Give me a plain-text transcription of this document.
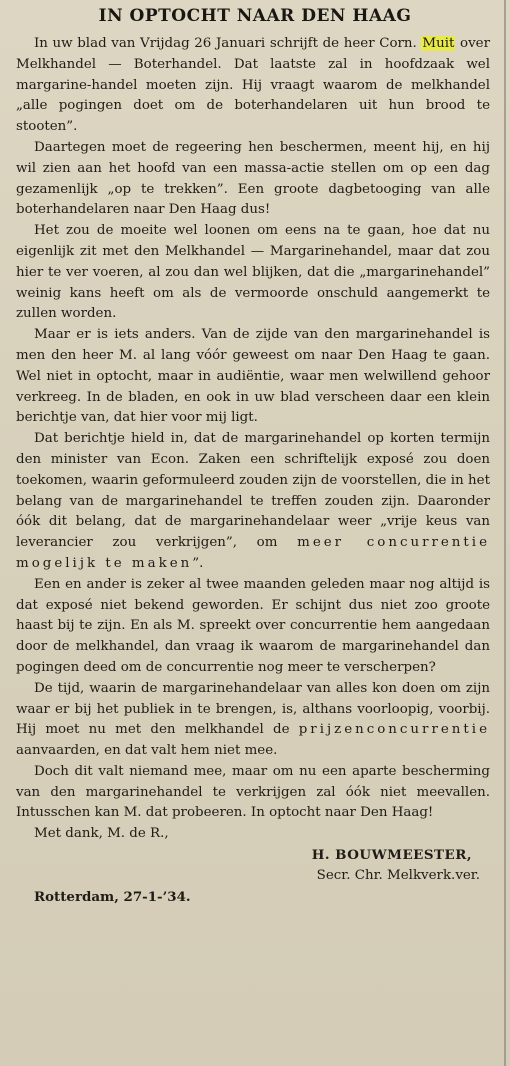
IN OPTOCHT NAAR DEN HAAG

In uw blad van Vrijdag 26 Januari schrijft de heer Corn. Muit over Melkhandel — Boterhandel. Dat laatste zal in hoofdzaak wel margarine-handel moeten zijn. Hij vraagt waarom de melkhandel „alle pogingen doet om de boterhandelaren uit hun brood te stooten”.

Daartegen moet de regeering hen beschermen, meent hij, en hij wil zien aan het hoofd van een massa-actie stellen om op een dag gezamenlijk „op te trekken”. Een groote dagbetooging van alle boterhandelaren naar Den Haag dus!

Het zou de moeite wel loonen om eens na te gaan, hoe dat nu eigenlijk zit met den Melkhandel — Margarinehandel, maar dat zou hier te ver voeren, al zou dan wel blijken, dat die „margarinehandel” weinig kans heeft om als de vermoorde onschuld aangemerkt te zullen worden.

Maar er is iets anders. Van de zijde van den margarinehandel is men den heer M. al lang vóór geweest om naar Den Haag te gaan. Wel niet in optocht, maar in audiëntie, waar men welwillend gehoor verkreeg. In de bladen, en ook in uw blad verscheen daar een klein berichtje van, dat hier voor mij ligt.

Dat berichtje hield in, dat de margarinehandel op korten termijn den minister van Econ. Zaken een schriftelijk exposé zou doen toekomen, waarin geformuleerd zouden zijn de voorstellen, die in het belang van de margarinehandel te treffen zouden zijn. Daaronder óók dit belang, dat de margarinehandelaar weer „vrije keus van leverancier zou verkrijgen”, om meer concurrentie mogelijk te maken”.

Een en ander is zeker al twee maanden geleden maar nog altijd is dat exposé niet bekend geworden. Er schijnt dus niet zoo groote haast bij te zijn. En als M. spreekt over concurrentie hem aangedaan door de melkhandel, dan vraag ik waarom de margarinehandel dan pogingen deed om de concurrentie nog meer te verscherpen?

De tijd, waarin de margarinehandelaar van alles kon doen om zijn waar er bij het publiek in te brengen, is, althans voorloopig, voorbij. Hij moet nu met den melkhandel de prijzenconcurrentie aanvaarden, en dat valt hem niet mee.

Doch dit valt niemand mee, maar om nu een aparte bescherming van den margarinehandel te verkrijgen zal óók niet meevallen. Intusschen kan M. dat probeeren. In optocht naar Den Haag!

Met dank, M. de R.,

H. BOUWMEESTER,

Secr. Chr. Melkverk.ver.

Rotterdam, 27-1-’34.
